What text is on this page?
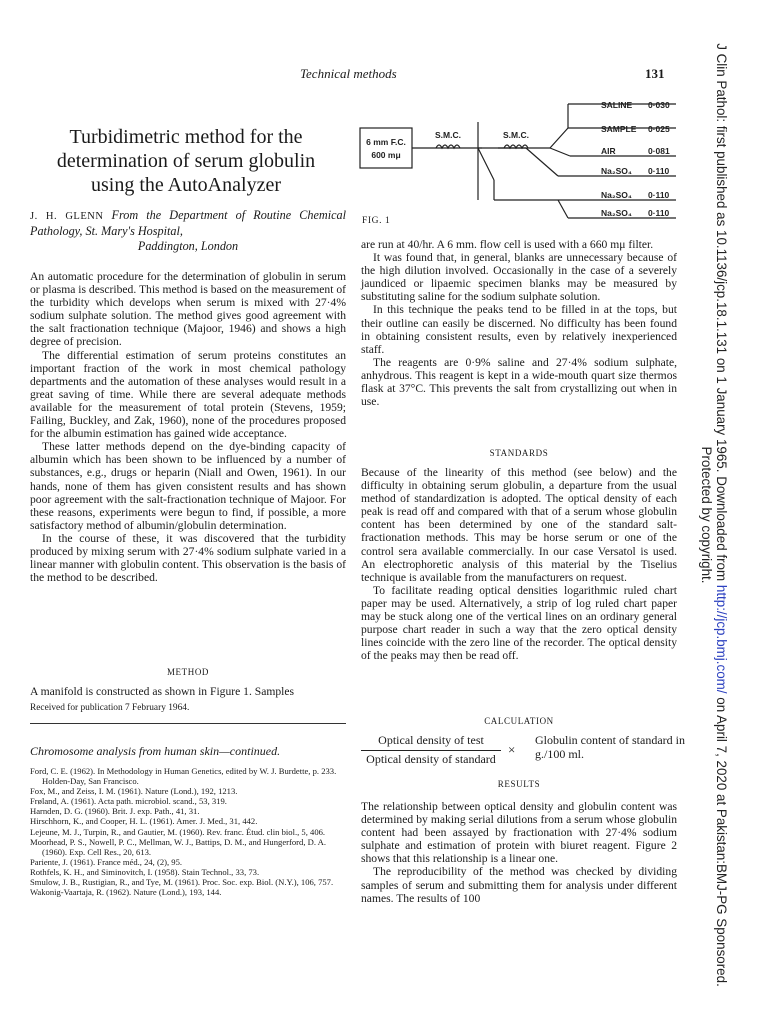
Technical methods	131
Turbidimetric method for the
determination of serum globulin
using the AutoAnalyzer
J. H. GLENN From the Department of Routine Chemical Pathology, St. Mary's Hospital,
Paddington, London

An automatic procedure for the determination of globulin in serum or plasma is described. This method is based on the measurement of the turbidity which develops when serum is mixed with 27·4% sodium sulphate solution. The method gives good agreement with the salt fractionation technique (Majoor, 1946) and shows a high degree of precision.

The differential estimation of serum proteins constitutes an important fraction of the work in most chemical pathology departments and the automation of these analyses would result in a great saving of time. While there are several adequate methods available for the measurement of total protein (Stevens, 1959; Failing, Buckley, and Zak, 1960), none of the procedures proposed for the albumin estimation has gained wide acceptance.

These latter methods depend on the dye-binding capacity of albumin which has been shown to be influenced by a number of substances, e.g., drugs or heparin (Niall and Owen, 1961). In our hands, none of them has given consistent results and has shown poor agreement with the salt-fractionation technique of Majoor. For these reasons, experiments were begun to find, if possible, a more satisfactory method of albumin/globulin determination.

In the course of these, it was discovered that the turbidity produced by mixing serum with 27·4% sodium sulphate varied in a linear manner with globulin content. This observation is the basis of the method to be described.

METHOD

A manifold is constructed as shown in Figure 1. Samples

Received for publication 7 February 1964.
Chromosome analysis from human skin—continued.
Ford, C. E. (1962). In Methodology in Human Genetics, edited by W. J. Burdette, p. 233. Holden-Day, San Francisco.
Fox, M., and Zeiss, I. M. (1961). Nature (Lond.), 192, 1213.
Frøland, A. (1961). Acta path. microbiol. scand., 53, 319.
Harnden, D. G. (1960). Brit. J. exp. Path., 41, 31.
Hirschhorn, K., and Cooper, H. L. (1961). Amer. J. Med., 31, 442.
Lejeune, M. J., Turpin, R., and Gautier, M. (1960). Rev. franc. Étud. clin biol., 5, 406.
Moorhead, P. S., Nowell, P. C., Mellman, W. J., Battips, D. M., and Hungerford, D. A. (1960). Exp. Cell Res., 20, 613.
Pariente, J. (1961). France méd., 24, (2), 95.
Rothfels, K. H., and Siminovitch, I. (1958). Stain Technol., 33, 73.
Smulow, J. B., Rustigian, R., and Tye, M. (1961). Proc. Soc. exp. Biol. (N.Y.), 106, 757.
Wakonig-Vaartaja, R. (1962). Nature (Lond.), 193, 144.
6 mm F.C.
600 mμ
S.M.C.	S.M.C.
SALINE 0·030
SAMPLE 0·025
AIR	0·081
Na₂SO₄ 0·110
Na₂SO₄ 0·110
Na₂SO₄ 0·110
FIG. 1

are run at 40/hr. A 6 mm. flow cell is used with a 660 mμ filter.

It was found that, in general, blanks are unnecessary because of the high dilution involved. Occasionally in the case of a severely jaundiced or lipaemic specimen blanks may be measured by substituting saline for the sodium sulphate solution.

In this technique the peaks tend to be filled in at the tops, but their outline can easily be discerned. No difficulty has been found in obtaining consistent results, even by relatively inexperienced staff.

The reagents are 0·9% saline and 27·4% sodium sulphate, anhydrous. This reagent is kept in a wide-mouth quart size thermos flask at 37°C. This prevents the salt from crystallizing out when in use.

STANDARDS

Because of the linearity of this method (see below) and the difficulty in obtaining serum globulin, a departure from the usual method of standardization is adopted. The optical density of each peak is read off and compared with that of a serum whose globulin content has been determined by one of the standard salt-fractionation methods. This may be horse serum or one of the control sera available commercially. In our case Versatol is used. An electrophoretic analysis of this material by the Tiselius technique is available from the manufacturers on request.

To facilitate reading optical densities logarithmic ruled chart paper may be used. Alternatively, a strip of log ruled chart paper may be stuck along one of the vertical lines on an ordinary general purpose chart reader in such a way that the zero optical density lines coincide with the zero line of the recorder. The optical density of the peaks may then be read off.

CALCULATION
Optical density of test
Optical density of standard
×
Globulin content of standard in g./100 ml.
RESULTS

The relationship between optical density and globulin content was determined by making serial dilutions from a serum whose globulin content had been assayed by fractionation with 27·4% sodium sulphate and estimation of protein with biuret reagent. Figure 2 shows that this relationship is a linear one.

The reproducibility of the method was checked by dividing samples of serum and submitting them for analysis under different names. The results of 100

J Clin Pathol: first published as 10.1136/jcp.18.1.131 on 1 January 1965. Downloaded from http://jcp.bmj.com/ on April 7, 2020 at Pakistan:BMJ-PG Sponsored.
Protected by copyright.
